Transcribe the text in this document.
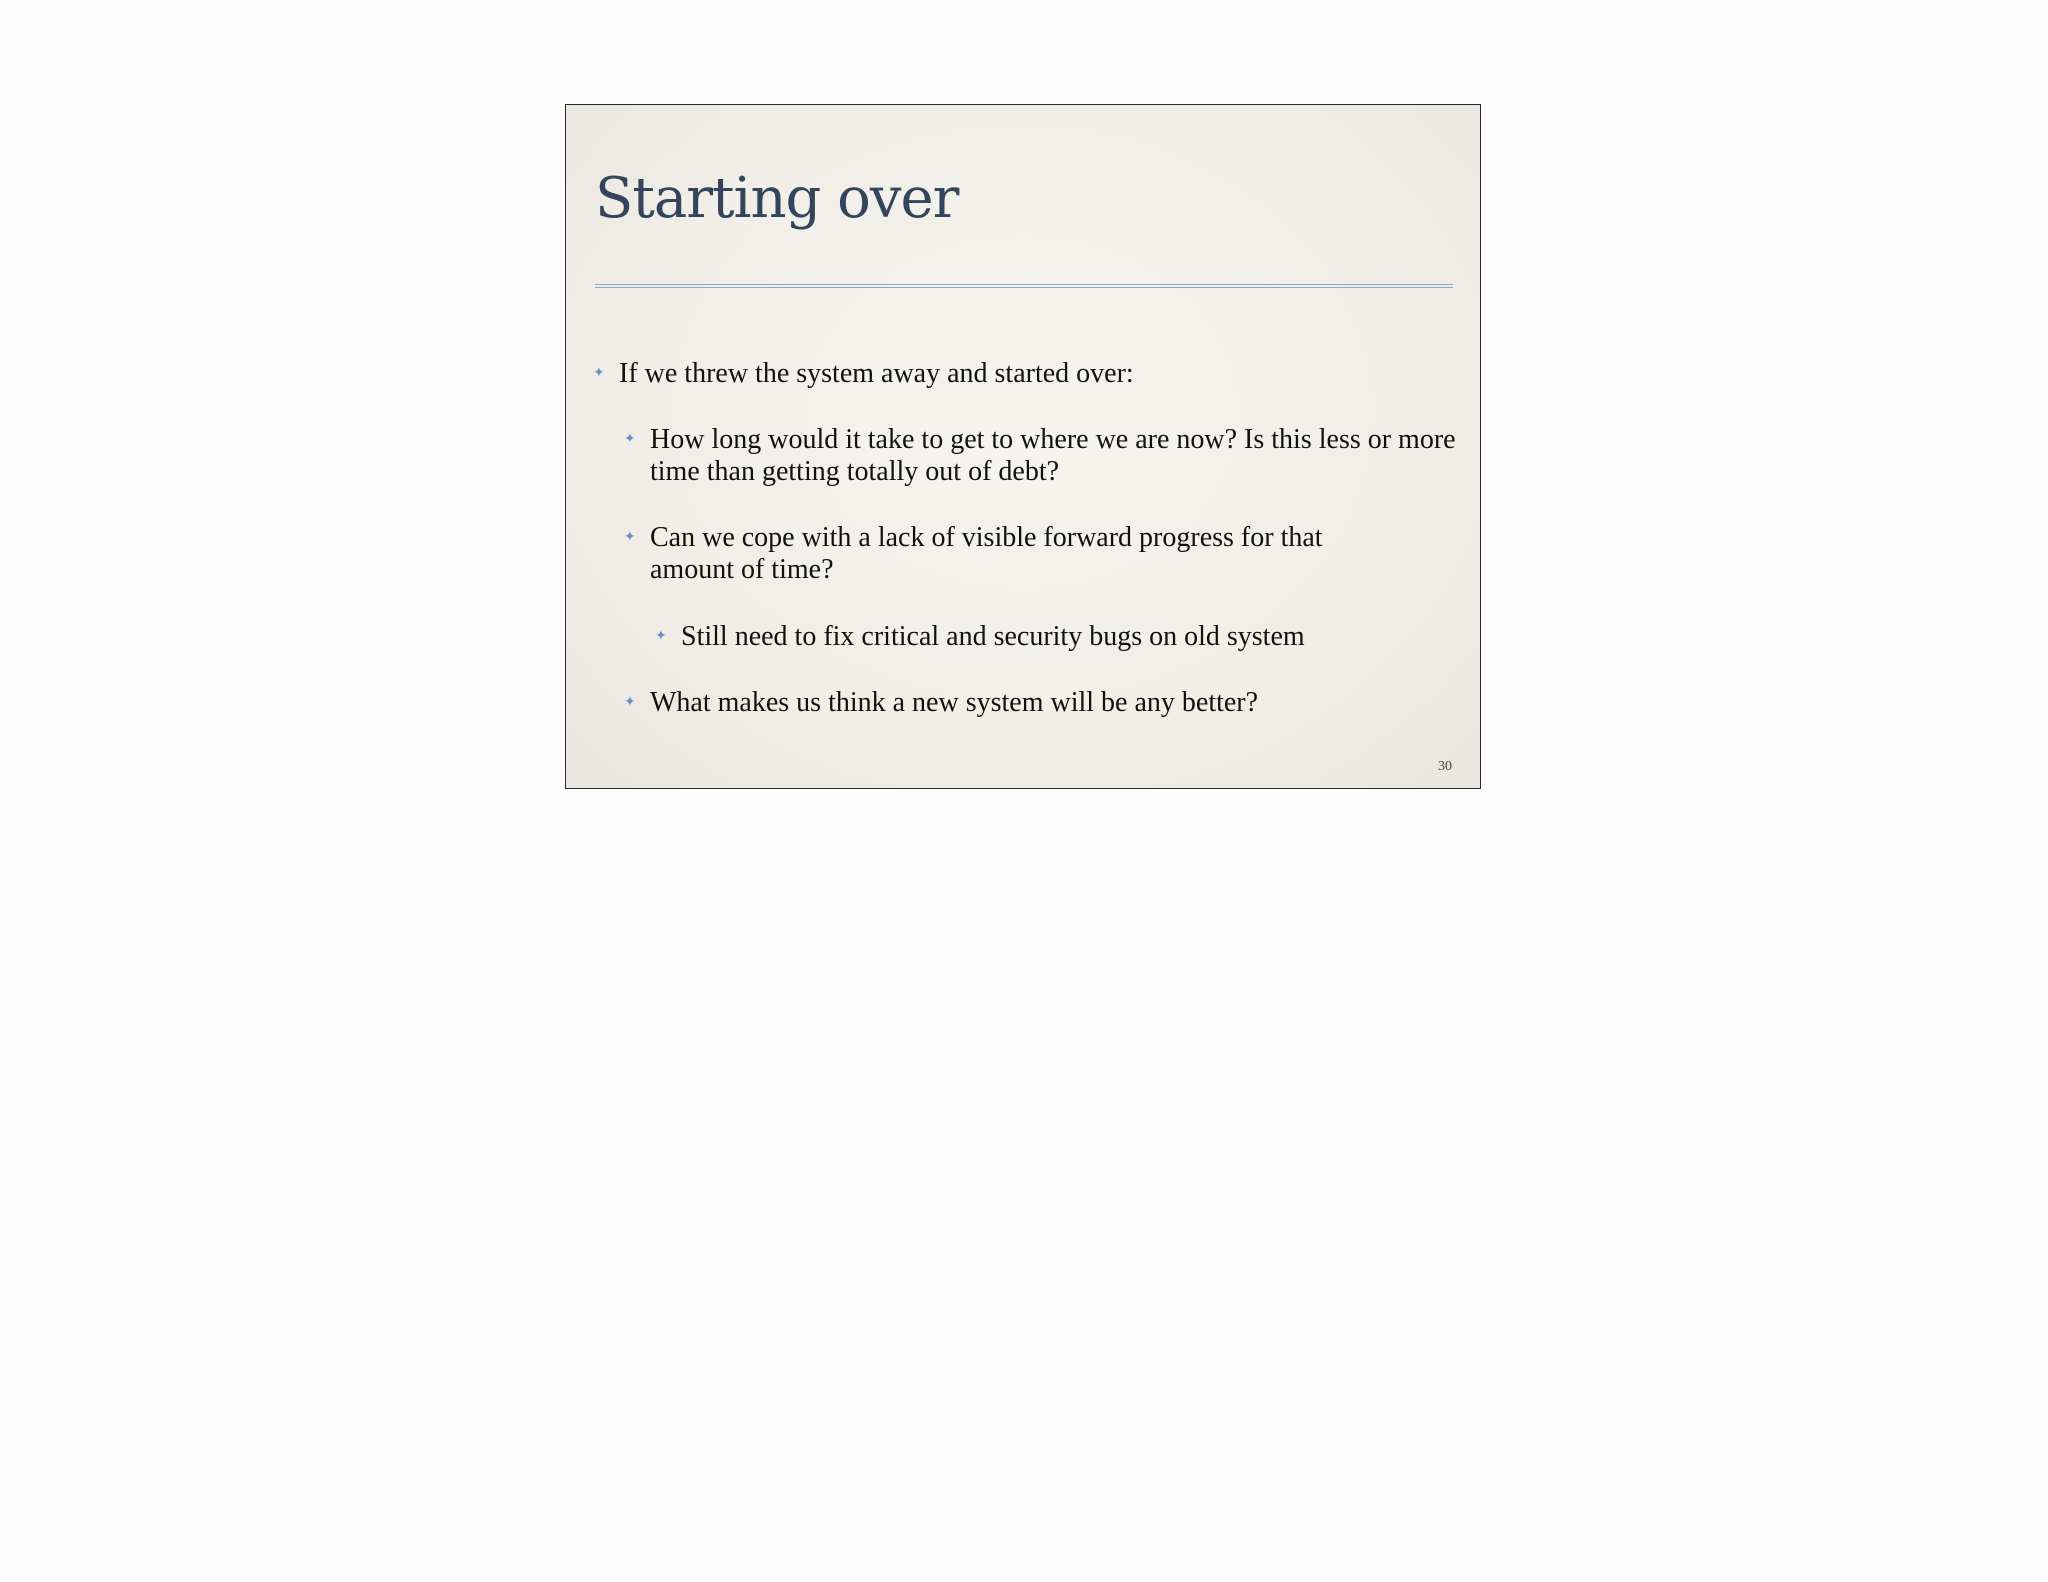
Starting over
✦ If we threw the system away and started over:
✦ How long would it take to get to where we are now? Is this less or more time than getting totally out of debt?
✦ Can we cope with a lack of visible forward progress for that amount of time?
✦ Still need to fix critical and security bugs on old system
✦ What makes us think a new system will be any better?
30
